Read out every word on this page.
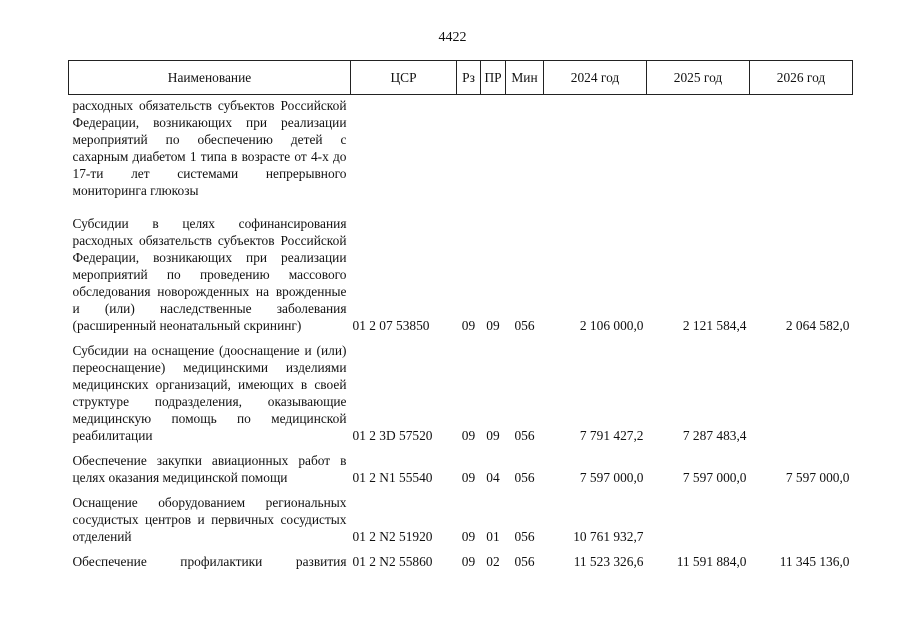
4422
Наименование	ЦСР	Рз	ПР	Мин	2024 год	2025 год	2026 год
расходных обязательств субъектов Российской Федерации, возникающих при реализации мероприятий по обеспечению детей с сахарным диабетом 1 типа в возрасте от 4-х до 17-ти лет системами непрерывного мониторинга глюкозы							
Субсидии в целях софинансирования расходных обязательств субъектов Российской Федерации, возникающих при реализации мероприятий по проведению массового обследования новорожденных на врожденные и (или) наследственные заболевания (расширенный неонатальный скрининг)	01 2 07 53850	09	09	056	2 106 000,0	2 121 584,4	2 064 582,0
Субсидии на оснащение (дооснащение и (или) переоснащение) медицинскими изделиями медицинских организаций, имеющих в своей структуре подразделения, оказывающие медицинскую помощь по медицинской реабилитации	01 2 3D 57520	09	09	056	7 791 427,2	7 287 483,4	
Обеспечение закупки авиационных работ в целях оказания медицинской помощи	01 2 N1 55540	09	04	056	7 597 000,0	7 597 000,0	7 597 000,0
Оснащение оборудованием региональных сосудистых центров и первичных сосудистых отделений	01 2 N2 51920	09	01	056	10 761 932,7		
Обеспечение профилактики развития	01 2 N2 55860	09	02	056	11 523 326,6	11 591 884,0	11 345 136,0
